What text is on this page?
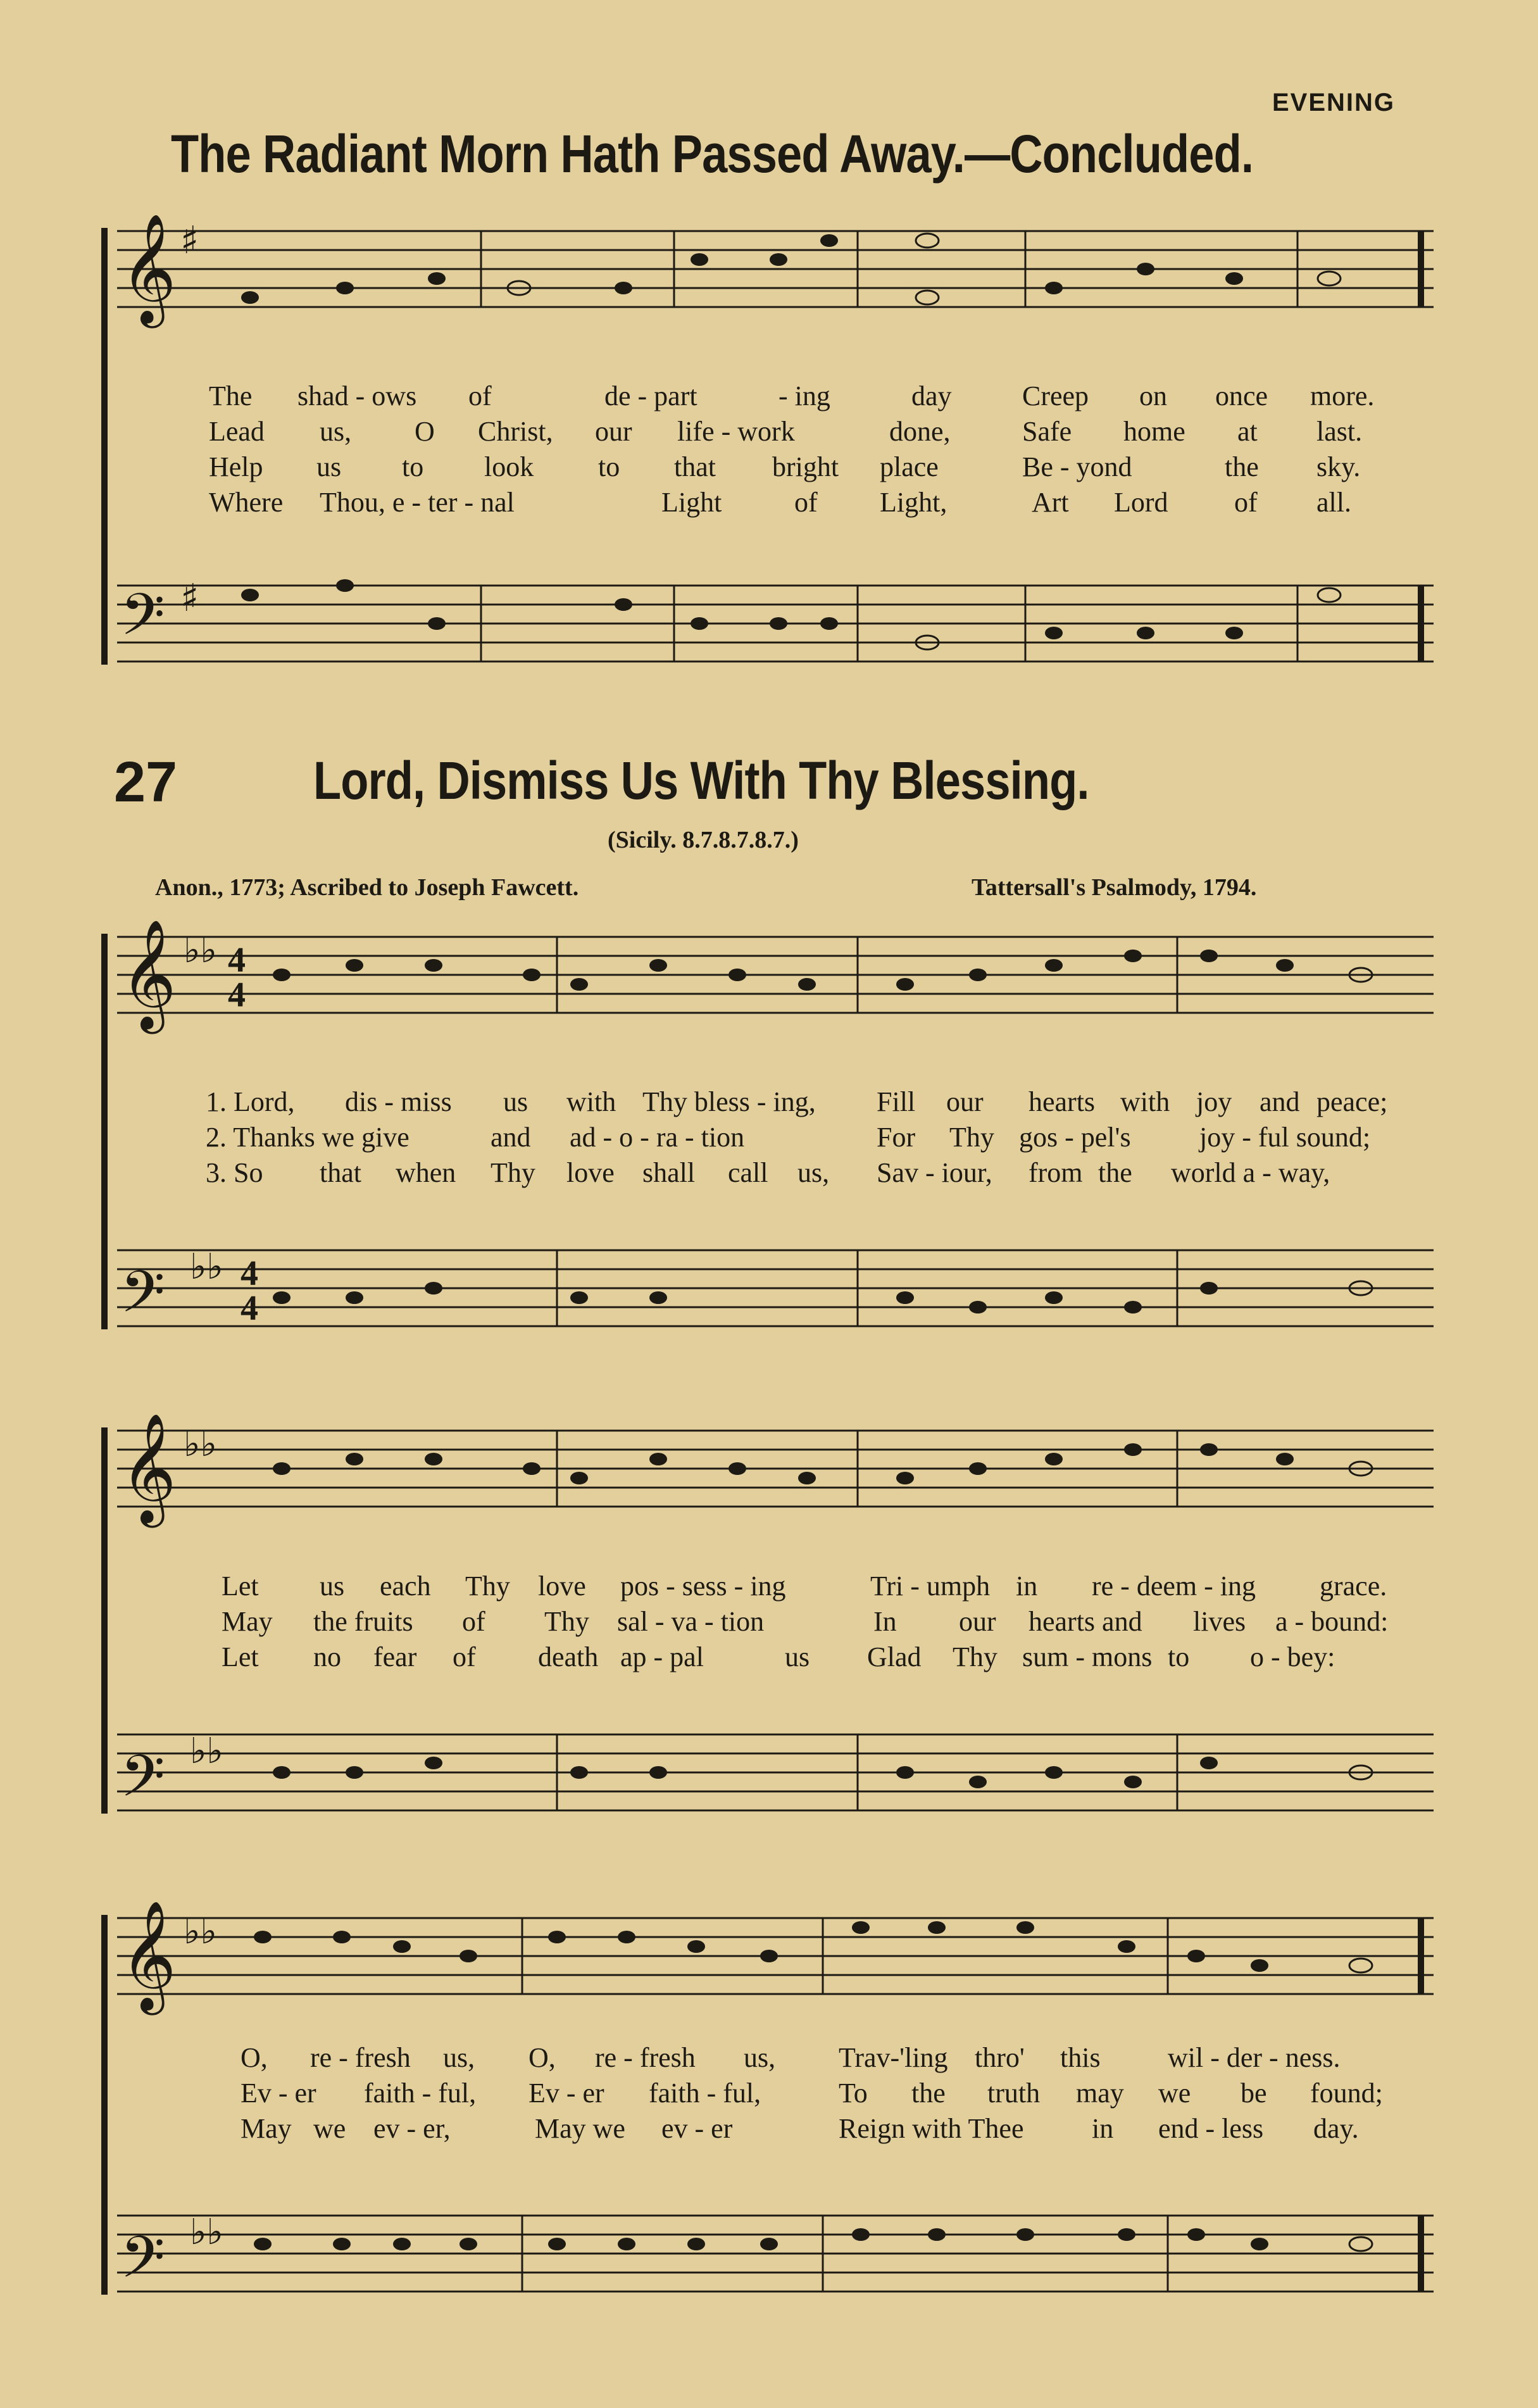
EVENING
The Radiant Morn Hath Passed Away.—Concluded.
𝄞
𝄢
♯
♯
The shad - ows of	de - part	- ing	day	Creep on once more.
Lead us, O Christ, our life - work	done,	Safe home at last.
Help us to look to that bright place	Be - yond	the sky.
Where Thou, e - ter - nal	Light	of Light,	Art Lord of all.
27	Lord, Dismiss Us With Thy Blessing.
(Sicily. 8.7.8.7.8.7.)
Anon., 1773; Ascribed to Joseph Fawcett.	Tattersall's Psalmody, 1794.
𝄞
𝄢
𝄞
𝄢
𝄞
𝄢
♭♭
♭♭
♭♭
♭♭
♭♭
♭♭
4
4
4
4
1. Lord, dis - miss us with Thy bless - ing, Fill our hearts with joy and peace;
2. Thanks we give	and ad - o - ra - tion	For Thy gos - pel's joy - ful sound;
3. So that when Thy love shall call us, Sav - iour, from the world a - way,
Let us each Thy love pos - sess - ing	Tri - umph in re - deem - ing grace.
May the fruits of Thy sal - va - tion	In our hearts and lives a - bound:
Let no fear of death ap - pal	us Glad Thy sum - mons to o - bey:
O, re - fresh us, O, re - fresh us, Trav-'ling thro' this wil - der - ness.
Ev - er faith - ful, Ev - er faith - ful,	To the truth may we be found;
May we ev - er,	May we ev - er	Reign with Thee in end - less day.
